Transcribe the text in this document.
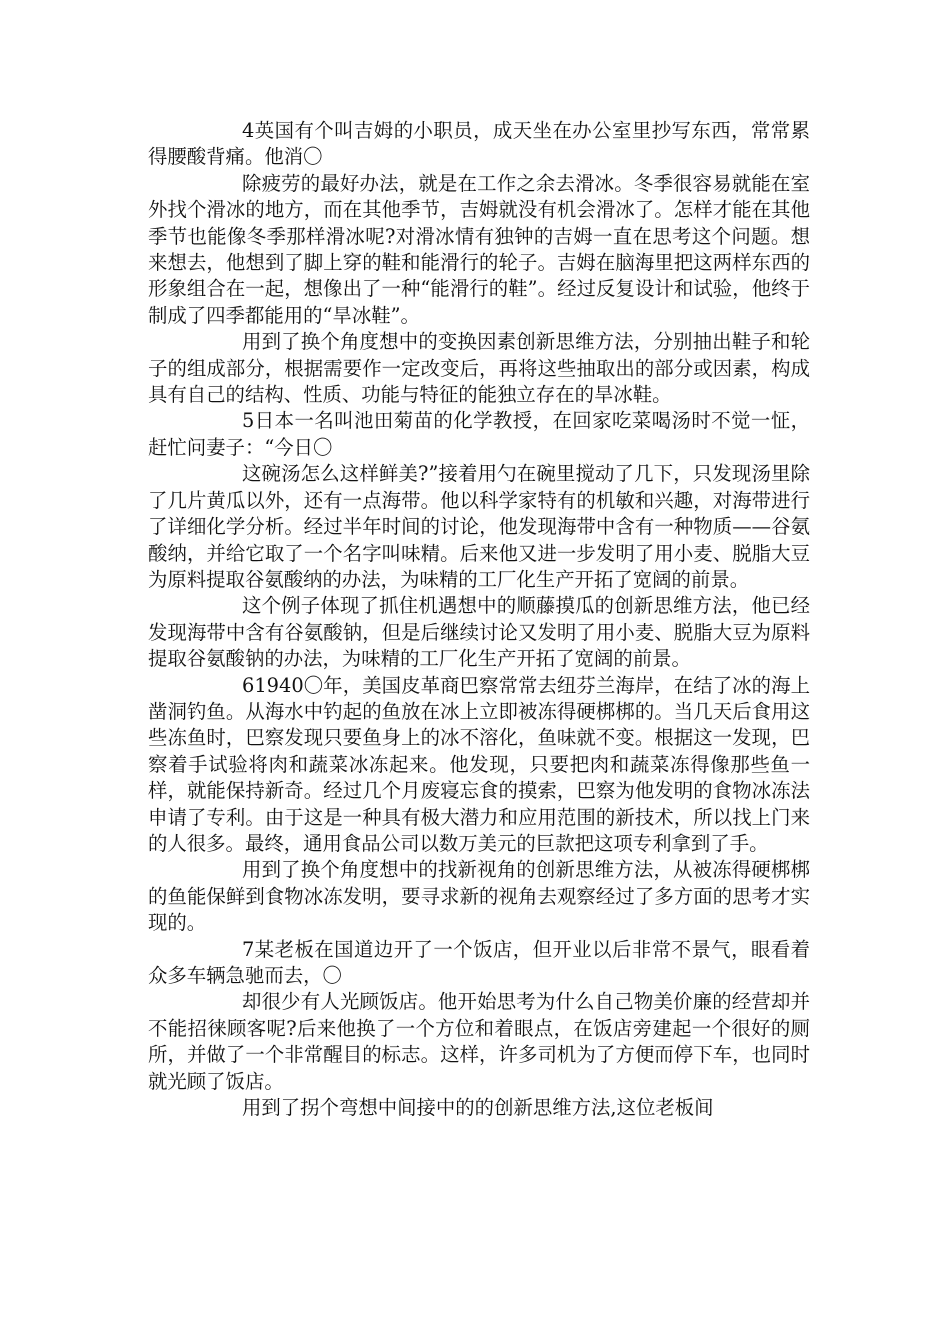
4英国有个叫吉姆的小职员，成天坐在办公室里抄写东西，常常累得腰酸背痛。他消〇

除疲劳的最好办法，就是在工作之余去滑冰。冬季很容易就能在室外找个滑冰的地方，而在其他季节，吉姆就没有机会滑冰了。怎样才能在其他季节也能像冬季那样滑冰呢?对滑冰情有独钟的吉姆一直在思考这个问题。想来想去，他想到了脚上穿的鞋和能滑行的轮子。吉姆在脑海里把这两样东西的形象组合在一起，想像出了一种“能滑行的鞋”。经过反复设计和试验，他终于制成了四季都能用的“旱冰鞋”。

用到了换个角度想中的变换因素创新思维方法，分别抽出鞋子和轮子的组成部分，根据需要作一定改变后，再将这些抽取出的部分或因素，构成具有自己的结构、性质、功能与特征的能独立存在的旱冰鞋。

5日本一名叫池田菊苗的化学教授，在回家吃菜喝汤时不觉一怔，赶忙问妻子：“今日〇

这碗汤怎么这样鲜美?”接着用勺在碗里搅动了几下，只发现汤里除了几片黄瓜以外，还有一点海带。他以科学家特有的机敏和兴趣，对海带进行了详细化学分析。经过半年时间的讨论，他发现海带中含有一种物质——谷氨酸纳，并给它取了一个名字叫味精。后来他又进一步发明了用小麦、脱脂大豆为原料提取谷氨酸纳的办法，为味精的工厂化生产开拓了宽阔的前景。

这个例子体现了抓住机遇想中的顺藤摸瓜的创新思维方法，他已经发现海带中含有谷氨酸钠，但是后继续讨论又发明了用小麦、脱脂大豆为原料提取谷氨酸钠的办法，为味精的工厂化生产开拓了宽阔的前景。

61940〇年，美国皮革商巴察常常去纽芬兰海岸，在结了冰的海上凿洞钓鱼。从海水中钓起的鱼放在冰上立即被冻得硬梆梆的。当几天后食用这些冻鱼时，巴察发现只要鱼身上的冰不溶化，鱼味就不变。根据这一发现，巴察着手试验将肉和蔬菜冰冻起来。他发现，只要把肉和蔬菜冻得像那些鱼一样，就能保持新奇。经过几个月废寝忘食的摸索，巴察为他发明的食物冰冻法申请了专利。由于这是一种具有极大潜力和应用范围的新技术，所以找上门来的人很多。最终，通用食品公司以数万美元的巨款把这项专利拿到了手。

用到了换个角度想中的找新视角的创新思维方法，从被冻得硬梆梆的鱼能保鲜到食物冰冻发明，要寻求新的视角去观察经过了多方面的思考才实现的。

7某老板在国道边开了一个饭店，但开业以后非常不景气，眼看着众多车辆急驰而去，〇

却很少有人光顾饭店。他开始思考为什么自己物美价廉的经营却并不能招徕顾客呢?后来他换了一个方位和着眼点，在饭店旁建起一个很好的厕所，并做了一个非常醒目的标志。这样，许多司机为了方便而停下车，也同时就光顾了饭店。

用到了拐个弯想中间接中的的创新思维方法,这位老板间
